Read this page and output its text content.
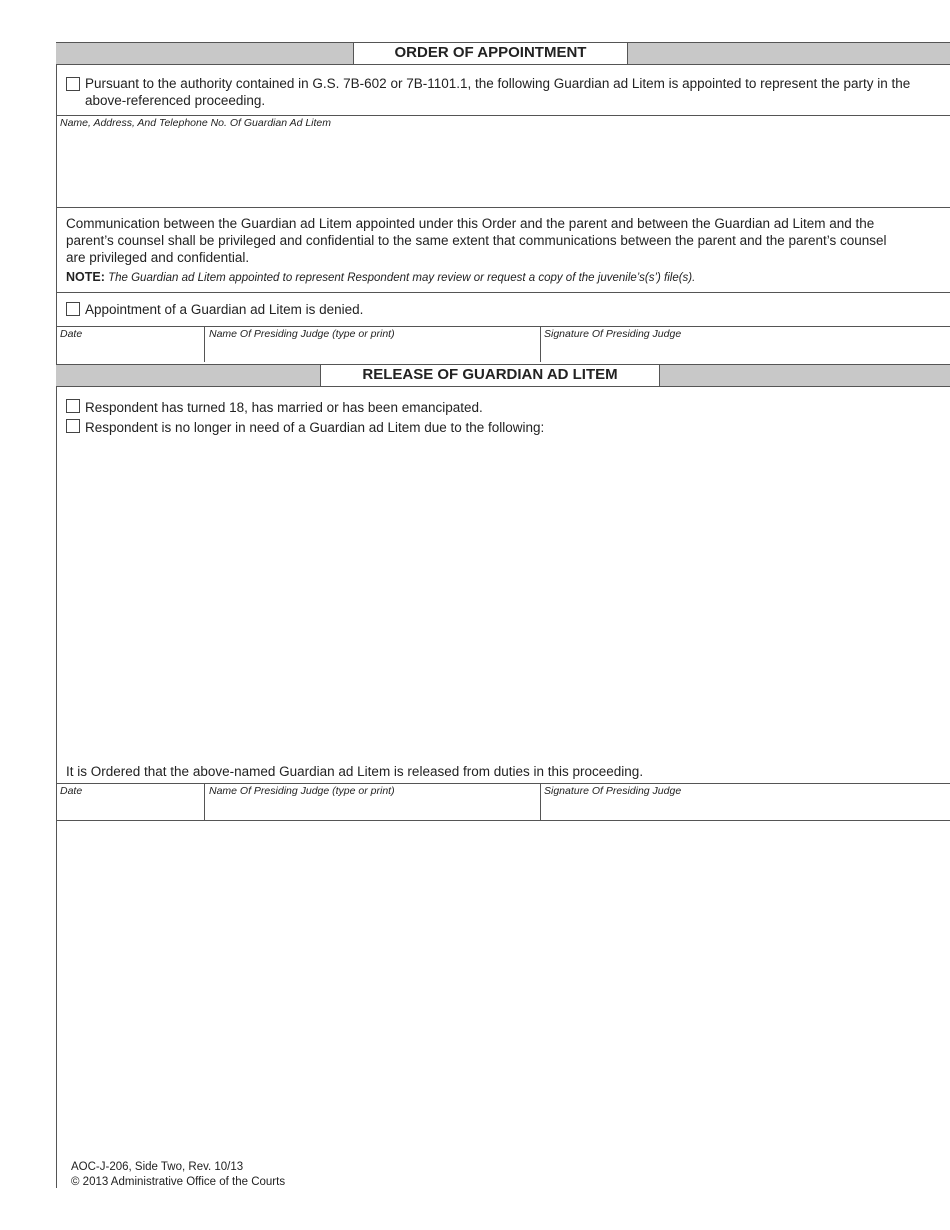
ORDER OF APPOINTMENT
Pursuant to the authority contained in G.S. 7B-602 or 7B-1101.1, the following Guardian ad Litem is appointed to represent the party in the above-referenced proceeding.
Name, Address, And Telephone No. Of Guardian Ad Litem
Communication between the Guardian ad Litem appointed under this Order and the parent and between the Guardian ad Litem and the parent’s counsel shall be privileged and confidential to the same extent that communications between the parent and the parent’s counsel are privileged and confidential.
NOTE: The Guardian ad Litem appointed to represent Respondent may review or request a copy of the juvenile’s(s’) file(s).
Appointment of a Guardian ad Litem is denied.
Date	Name Of Presiding Judge (type or print)	Signature Of Presiding Judge
RELEASE OF GUARDIAN AD LITEM
Respondent has turned 18, has married or has been emancipated.
Respondent is no longer in need of a Guardian ad Litem due to the following:
It is Ordered that the above-named Guardian ad Litem is released from duties in this proceeding.
Date	Name Of Presiding Judge (type or print)	Signature Of Presiding Judge
AOC-J-206, Side Two, Rev. 10/13
© 2013 Administrative Office of the Courts
